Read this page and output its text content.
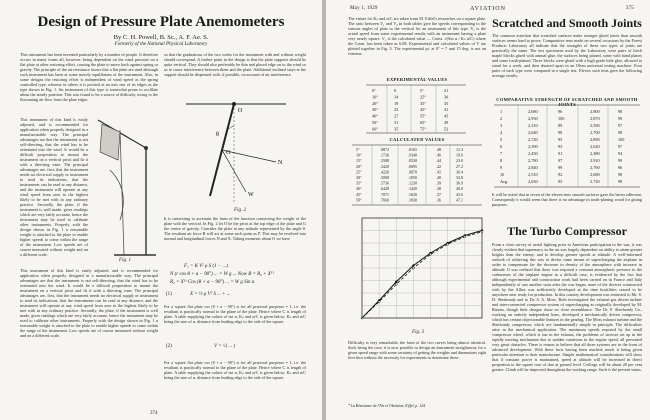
Design of Pressure Plate Anemometers
By C. H. Powell, B. Sc., A. F. Ae. S.
Formerly of the National Physical Laboratory
This instrument has been invented particularly by a number of people. It therefore occurs in many forms all, however, being dependent on the wind pressure on a flat plate at other restoring effort, causing the plate to move back against spring or gravity. The principle of the air resistance shows that a flat plate are used although such instrument has been at some merely equilibrium of the instrument. Also, in some designs the restoring effort is independent of wind speed as the spring controlled type, whereas in others it is pivoted at an axis one of its edges as the type shown in Fig. 1. An instrument of this type is somewhat prone to oscillate about the steady position. This was found to be a source of difficulty owing to the fluctuating air flow from the plate edges.
This instrument of this kind is easily adjusted, and is recommended for application when properly designed in a manufacturable way. The principal advantages are that the instrument is not self-directing, that the wind has to be orientated into the wind. It would be a difficult proposition to mount the instrument on a vertical pivot and fit it with a directing vane. The principal advantages are, first, that the instrument needs no electrical supply or instrument to read its indications, that the instruments can be read at any distance, and the instrument will operate at any wind speed from zero to the highest likely to be met with in any ordinary practice. Secondly, the plate, if the instrument is well made, gives readings which are very fairly accurate, hence the instrument may be used to calibrate other instruments. Properly with the design shown in Fig. 1 a reasonable weight is attached to the plate to enable higher speeds to come within the range of the instrument. Low speeds are of course measured without weight and on a different scale.
This instrument of this kind is easily adjusted, and is recommended for application when properly designed in a manufacturable way. The principal advantages are that the instrument is not self-directing, that the wind has to be orientated into the wind. It would be a difficult proposition to mount the instrument on a vertical pivot and fit it with a directing vane. The principal advantages are, first, that the instrument needs no electrical supply or instrument to read its indications, that the instruments can be read at any distance, and the instrument will operate at any wind speed from zero to the highest likely to be met with in any ordinary practice. Secondly, the plate, if the instrument is well made, gives readings which are very fairly accurate, hence the instrument may be used to calibrate other instruments. Properly with the design shown in Fig. 1 a reasonable weight is attached to the plate to enable higher speeds to come within the range of the instrument. Low speeds are of course measured without weight and on a different scale.
Fig. 1
so that the graduations of the two scales for the instrument with and without weight should correspond. A further point in the design is that the plate supports should be quite vertical. They should also preferably be thin and placed edge on to the wind so as to cause interference between them and the plate. Additional inclined stays at the support should be dispensed with, if possible, on account of air interference.
O
G
N
W
θ
Fig. 2
It is interesting to ascertain the form of the function connecting the weight of the plate with the vertical. In Fig. 2 let O be the pivot at the top edge of the plate and G the centre of gravity. Consider the plate at any attitude represented by the angle θ. The resultant air force R will act at some such point as P. This may be resolved into normal and longitudinal forces N and X. Taking moments about O we have
F₁ = K V² ρ S (1 − ...)
N (r cos θ + a − 90°) ... = W g ... Now B = R₀ + X¹¹
R₀ = X¹¹ Cos (θ + a − 90°) ... = W g Sin a
(1)	X = ½ ρ V² S ... + ...
For a square flat plate cos (θ + a − 90°) is for all practical purposes = 1, i.e. the resultant is practically normal to the plane of the plate. Hence where C is length of plate. A table supplying the values of sin α, Kₙ and α/C is given below, Kₙ and α/C being the sine of α, distance from leading edge to the side of the square.
(2)	V = √( ... )
For a square flat plate cos (θ + a − 90°) is for all practical purposes = 1, i.e. the resultant is practically normal to the plane of the plate. Hence where C is length of plate. A table supplying the values of sin α, Kₙ and α/C is given below, Kₙ and α/C being the sine of α, distance from leading edge to the side of the square.
374
May 1, 1929	AVIATION	375
The values for Kₙ and α/C are taken from M. Eiffel's researches on a square plate. The ratio between V₁ and V₂ in both tables give the speeds corresponding to the various angles of plate to the vertical for an instrument of this type. Vₐ is the actual speed from some experimental results with an instrument having a plate very nearly square. V₁ is the calculated value — Const. √(Sin α / Kₙ α/C) where the Const. has been taken as 6.08. Experimental and calculated values of V are plotted together in Fig. 3. The experimental pt. at 0° = 7 and 15 deg. is not an extreme.
EXPERIMENTAL VALUES
0°	0	5°	21
10°	14	25°	30
20°	19	35°	35
30°	23	45°	41
40°	27	55°	45
50°	31	65°	49
60°	35	75°	52
CALCULATED VALUES
5°	.0872	.0165	.48	12.3
10°	.1736	.0340	.46	18.6
15°	.2588	.0520	.44	23.0
20°	.3420	.0695	.42	27.2
25°	.4226	.0870	.41	30.4
30°	.5000	.1050	.40	33.8
35°	.5736	.1230	.39	36.9
40°	.6428	.1420	.38	40.0
45°	.7071	.1620	.37	43.6
50°	.7660	.1830	.36	47.1
Fig. 3
Difficulty is very remarkable, the form of the two curves being almost identical. Such being the case, it is now possible to design an instrument straightaway for a given speed range with some certainty of getting the weights and dimensions right first shot without the necessity for experiments to determine these.
* La Résistance de l'Air et l'Aviation, Eiffel, p. 124.
Scratched and Smooth Joints
The common assertion that scratched surfaces make stronger glued joints than smooth surfaces seems hard to prove. Comparative tests made on several occasions by the Forest Products Laboratory all indicate that the strengths of these two types of joints are practically the same. The test specimens used by the Laboratory were pairs of birch maple blocks glued with animal glue, the surfaces being planed, some with hand planes and some tooth-planed. Three blocks were glued with a high grade hide glue, allowed to stand for a week, and then sheared apart in an Olsen universal testing machine. Four pairs of each type were compared in a single test. Eleven such tests gave the following average results:
COMPARATIVE STRENGTH OF SCRATCHED AND SMOOTH JOINTS
1	2,680	96	2,800	98
2	2,950	100	2,870	99
3	2,310	89	2,590	97
4	2,640	98	2,700	98
5	2,720	95	2,890	100
6	2,590	93	2,620	97
7	2,450	91	2,380	94
8	2,780	97	2,910	99
9	2,840	99	2,760	96
10	2,510	92	2,680	98
Avg.	2,650	95	2,720	98
It will be noted that in seven of the eleven tests smooth surfaces gave the better adhesion. Consequently it would seem that there is no advantage in tooth-planing wood for gluing purposes.
The Turbo Compressor
From a close survey of aerial fighting prior to American participation in the war, it was clearly evident that supremacy in the air was largely dependent on ability to attain greater heights than the enemy, and to develop greater speeds at altitude. A well-informed outlook of achieving this was to devise some means of supercharging the airplane in order to compensate for the decrease in density of the atmosphere with increase in altitude. It was realized that there was required a constant atmospheric pressure to the carburetors of the airplane engine in a difficult case, is evidenced by the fact that although experimental and construction work had been carried on in France and Italy independently of one another soon after the war began, none of the devices constructed with by the Allies was sufficiently developed at the time hostilities ceased to be anywhere near ready for production. In this country development was entrusted to Mr. S. H. Sherbondy and to Dr. S. A. Moss. Both investigated the exhaust-gas driven turbine and inter-connected compressor system of supercharging as originally developed by M. Rateau, though their designs show no close resemblance. The Dr. F. Sherbondy Co., working on entirely independent lines, developed a mechanically driven compressor, which has certain objectionable features in the gearing. The Moss exhaust turbine and the Sherbondy compressor, which are fundamentally simple in principle. The difficulties arise in the mechanical application. The maximum speeds required by the small compressor wheel, which is run in the exhaust, the problems of stresses set up in the rapidly moving mechanism due to sudden variations in the engine speed, all presented very great obstacles. There is reason to believe that all three systems are in the front of advanced development. With these facts having been reached, much is being given particular attention to their manufacture. Simple mathematical considerations will show that if constant power is maintained, speed at altitude will be increased in direct proportion to the square root of that at ground level. Ceilings will be about 20 per cent greater. Climb will be improved throughout the working range. Such is the present status.
